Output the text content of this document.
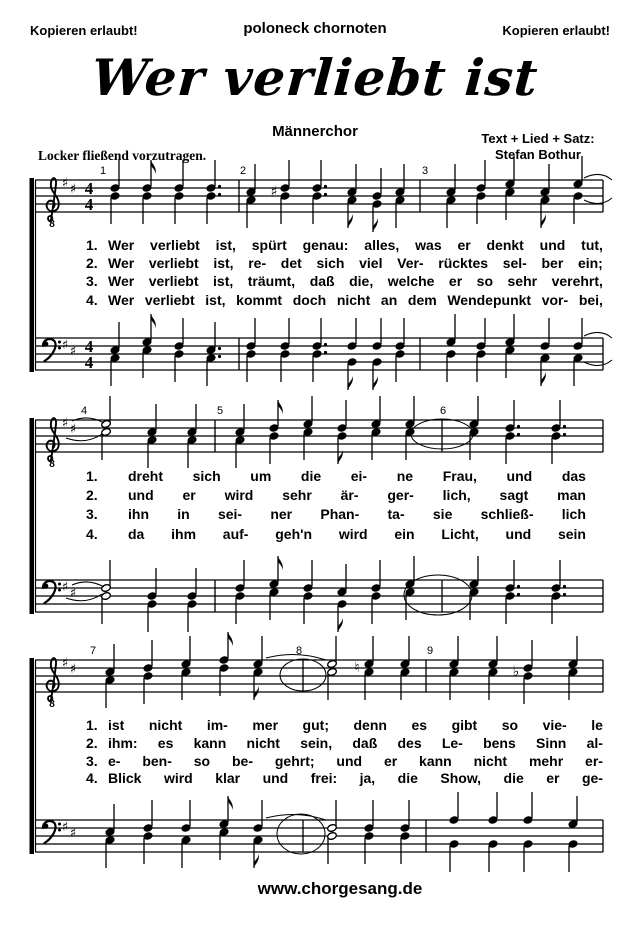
Kopieren erlaubt!	poloneck chornoten	Kopieren erlaubt!
Wer verliebt ist
Männerchor	Text + Lied + Satz:
Stefan Bothur
Locker fließend vorzutragen.
8
♯ ♯ 4
4
1	2	3
♯
♯ ♯ 4
4
8
♯ ♯
4	5	6
♯ ♯
8
♯ ♯
7	8	9
♮	♭
♯ ♯
1. Wer verliebt ist, spürt genau: alles, was er denkt und tut,
2. Wer verliebt ist, re- det sich viel Ver- rücktes sel- ber ein;
3. Wer verliebt ist, träumt, daß die, welche er so sehr verehrt,
4. Wer verliebt ist, kommt doch nicht an dem Wendepunkt vor- bei,
1.	dreht sich um die ei- ne Frau, und das
2.	und er wird sehr är- ger- lich, sagt man
3.	ihn in sei- ner Phan- ta- sie schließ- lich
4.	da ihm auf- geh'n wird ein Licht, und sein
1. ist nicht im- mer gut; denn es gibt so vie- le
2. ihm: es kann nicht sein, daß des Le- bens Sinn al-
3. e- ben- so be- gehrt; und er kann nicht mehr er-
4. Blick wird klar und frei: ja, die Show, die er ge-
www.chorgesang.de
